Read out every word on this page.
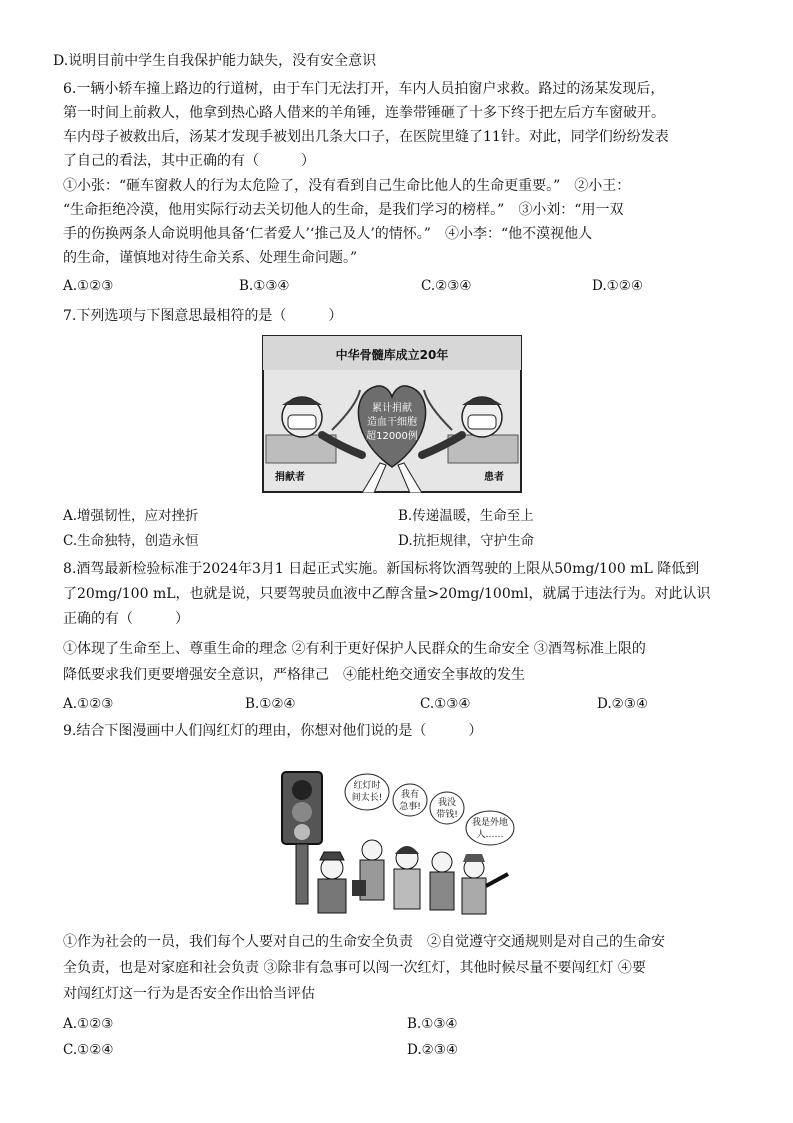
D.说明目前中学生自我保护能力缺失，没有安全意识
6.一辆小轿车撞上路边的行道树，由于车门无法打开，车内人员拍窗户求救。路过的汤某发现后，
第一时间上前救人，他拿到热心路人借来的羊角锤，连拳带锤砸了十多下终于把左后方车窗破开。
车内母子被救出后，汤某才发现手被划出几条大口子，在医院里缝了11针。对此，同学们纷纷发表
了自己的看法，其中正确的有（　　　）
①小张：“砸车窗救人的行为太危险了，没有看到自己生命比他人的生命更重要。”　②小王：
“生命拒绝冷漠，他用实际行动去关切他人的生命，是我们学习的榜样。”　③小刘：“用一双
手的伤换两条人命说明他具备‘仁者爱人’‘推己及人’的情怀。”　④小李：“他不漠视他人
的生命，谨慎地对待生命关系、处理生命问题。”
A.①②③	B.①③④	C.②③④	D.①②④
7.下列选项与下图意思最相符的是（　　　）
中华骨髓库成立20年
累计捐献
造血干细胞
超12000例
捐献者	患者
A.增强韧性，应对挫折	B.传递温暖，生命至上
C.生命独特，创造永恒	D.抗拒规律，守护生命
8.酒驾最新检验标准于2024年3月1 日起正式实施。新国标将饮酒驾驶的上限从50mg/100 mL 降低到
了20mg/100 mL，也就是说，只要驾驶员血液中乙醇含量>20mg/100ml，就属于违法行为。对此认识
正确的有（　　　）
①体现了生命至上、尊重生命的理念 ②有利于更好保护人民群众的生命安全 ③酒驾标准上限的
降低要求我们更要增强安全意识，严格律己　④能杜绝交通安全事故的发生
A.①②③	B.①②④	C.①③④	D.②③④
9.结合下图漫画中人们闯红灯的理由，你想对他们说的是（　　　）
红灯时
间太长! 我有
急事! 我没
带钱!
我是外地
人……
①作为社会的一员，我们每个人要对自己的生命安全负责　②自觉遵守交通规则是对自己的生命安
全负责，也是对家庭和社会负责 ③除非有急事可以闯一次红灯，其他时候尽量不要闯红灯 ④要
对闯红灯这一行为是否安全作出恰当评估
A.①②③	B.①③④
C.①②④	D.②③④
